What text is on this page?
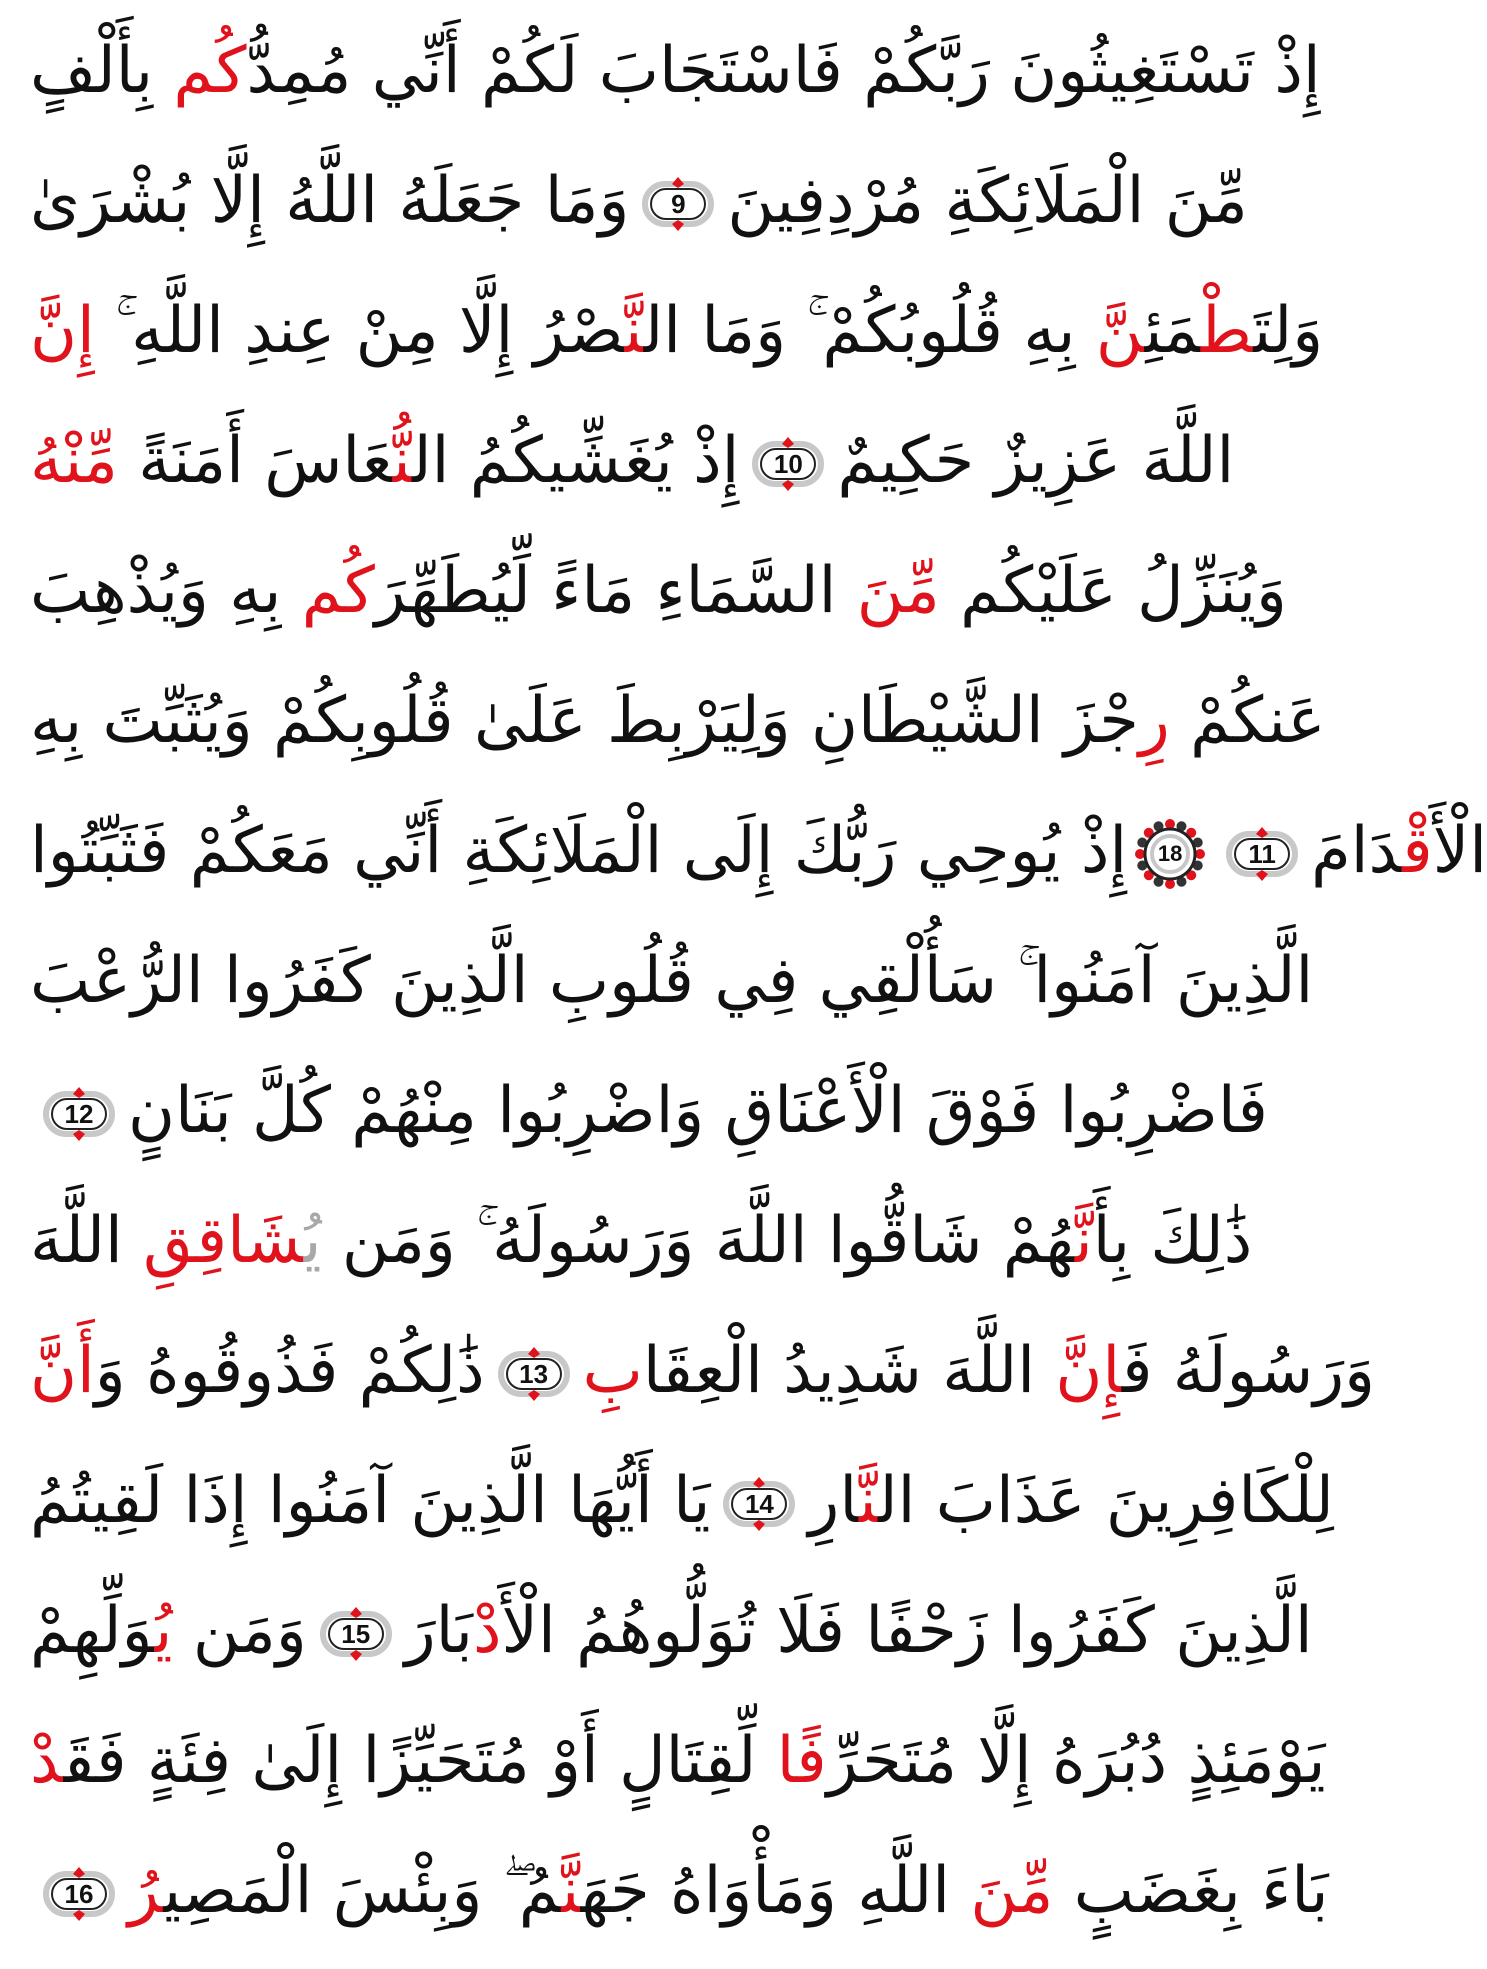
إِذْ تَسْتَغِيثُونَ رَبَّكُمْ فَاسْتَجَابَ لَكُمْ أَنِّي مُمِدُّكُم بِأَلْفٍ
مِّنَ الْمَلَائِكَةِ مُرْدِفِينَ
9
وَمَا جَعَلَهُ اللَّهُ إِلَّا بُشْرَىٰ
وَلِتَطْمَئِنَّ بِهِ قُلُوبُكُمْ ۚ وَمَا النَّصْرُ إِلَّا مِنْ عِندِ اللَّهِ ۚ إِنَّ
اللَّهَ عَزِيزٌ حَكِيمٌ
10
إِذْ يُغَشِّيكُمُ النُّعَاسَ أَمَنَةً مِّنْهُ
وَيُنَزِّلُ عَلَيْكُم مِّنَ السَّمَاءِ مَاءً لِّيُطَهِّرَكُم بِهِ وَيُذْهِبَ
عَنكُمْ رِجْزَ الشَّيْطَانِ وَلِيَرْبِطَ عَلَىٰ قُلُوبِكُمْ وَيُثَبِّتَ بِهِ
الْأَقْدَامَ
11
18
إِذْ يُوحِي رَبُّكَ إِلَى الْمَلَائِكَةِ أَنِّي مَعَكُمْ فَثَبِّتُوا
الَّذِينَ آمَنُوا ۚ سَأُلْقِي فِي قُلُوبِ الَّذِينَ كَفَرُوا الرُّعْبَ
فَاضْرِبُوا فَوْقَ الْأَعْنَاقِ وَاضْرِبُوا مِنْهُمْ كُلَّ بَنَانٍ
12
ذَٰلِكَ بِأَنَّهُمْ شَاقُّوا اللَّهَ وَرَسُولَهُ ۚ وَمَن يُشَاقِقِ اللَّهَ
وَرَسُولَهُ فَإِنَّ اللَّهَ شَدِيدُ الْعِقَابِ
13
ذَٰلِكُمْ فَذُوقُوهُ وَأَنَّ
لِلْكَافِرِينَ عَذَابَ النَّارِ
14
يَا أَيُّهَا الَّذِينَ آمَنُوا إِذَا لَقِيتُمُ
الَّذِينَ كَفَرُوا زَحْفًا فَلَا تُوَلُّوهُمُ الْأَدْبَارَ
15
وَمَن يُوَلِّهِمْ
يَوْمَئِذٍ دُبُرَهُ إِلَّا مُتَحَرِّفًا لِّقِتَالٍ أَوْ مُتَحَيِّزًا إِلَىٰ فِئَةٍ فَقَدْ
بَاءَ بِغَضَبٍ مِّنَ اللَّهِ وَمَأْوَاهُ جَهَنَّمُ ۖ وَبِئْسَ الْمَصِيرُ
16
